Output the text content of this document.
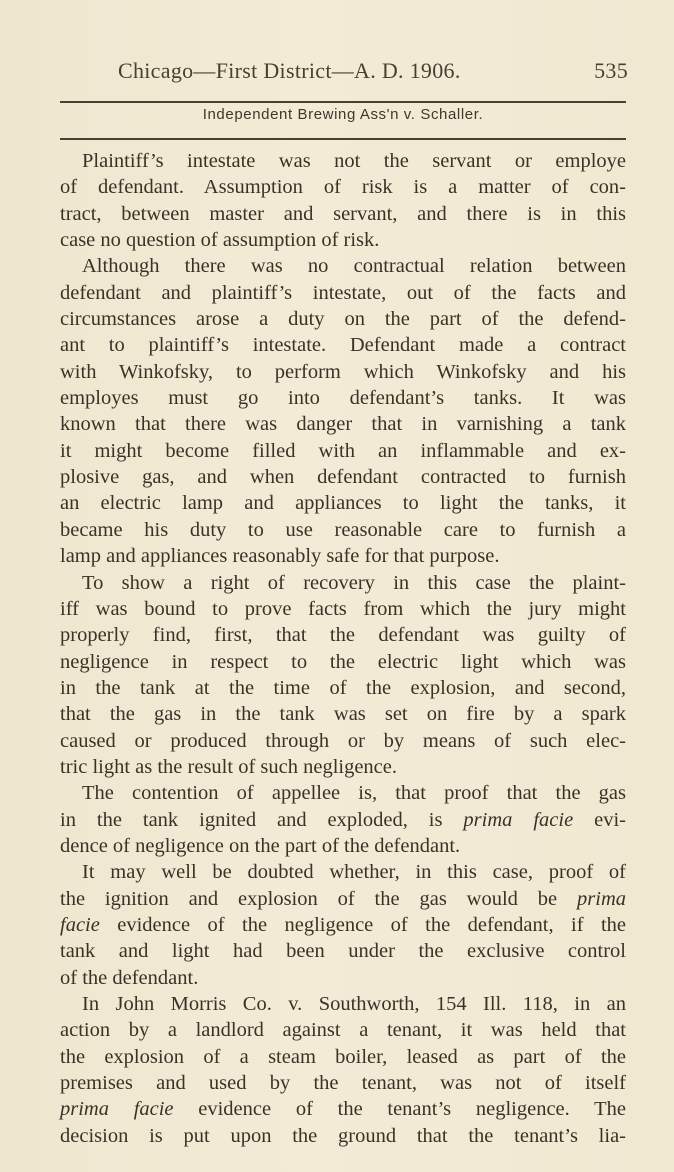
Chicago—First District—A. D. 1906.	535
Independent Brewing Ass'n v. Schaller.
Plaintiff’s intestate was not the servant or employe
of defendant. Assumption of risk is a matter of con-
tract, between master and servant, and there is in this
case no question of assumption of risk.
Although there was no contractual relation between
defendant and plaintiff’s intestate, out of the facts and
circumstances arose a duty on the part of the defend-
ant to plaintiff’s intestate. Defendant made a contract
with Winkofsky, to perform which Winkofsky and his
employes must go into defendant’s tanks. It was
known that there was danger that in varnishing a tank
it might become filled with an inflammable and ex-
plosive gas, and when defendant contracted to furnish
an electric lamp and appliances to light the tanks, it
became his duty to use reasonable care to furnish a
lamp and appliances reasonably safe for that purpose.
To show a right of recovery in this case the plaint-
iff was bound to prove facts from which the jury might
properly find, first, that the defendant was guilty of
negligence in respect to the electric light which was
in the tank at the time of the explosion, and second,
that the gas in the tank was set on fire by a spark
caused or produced through or by means of such elec-
tric light as the result of such negligence.
The contention of appellee is, that proof that the gas
in the tank ignited and exploded, is prima facie evi-
dence of negligence on the part of the defendant.
It may well be doubted whether, in this case, proof of
the ignition and explosion of the gas would be prima
facie evidence of the negligence of the defendant, if the
tank and light had been under the exclusive control
of the defendant.
In John Morris Co. v. Southworth, 154 Ill. 118, in an
action by a landlord against a tenant, it was held that
the explosion of a steam boiler, leased as part of the
premises and used by the tenant, was not of itself
prima facie evidence of the tenant’s negligence. The
decision is put upon the ground that the tenant’s lia-
